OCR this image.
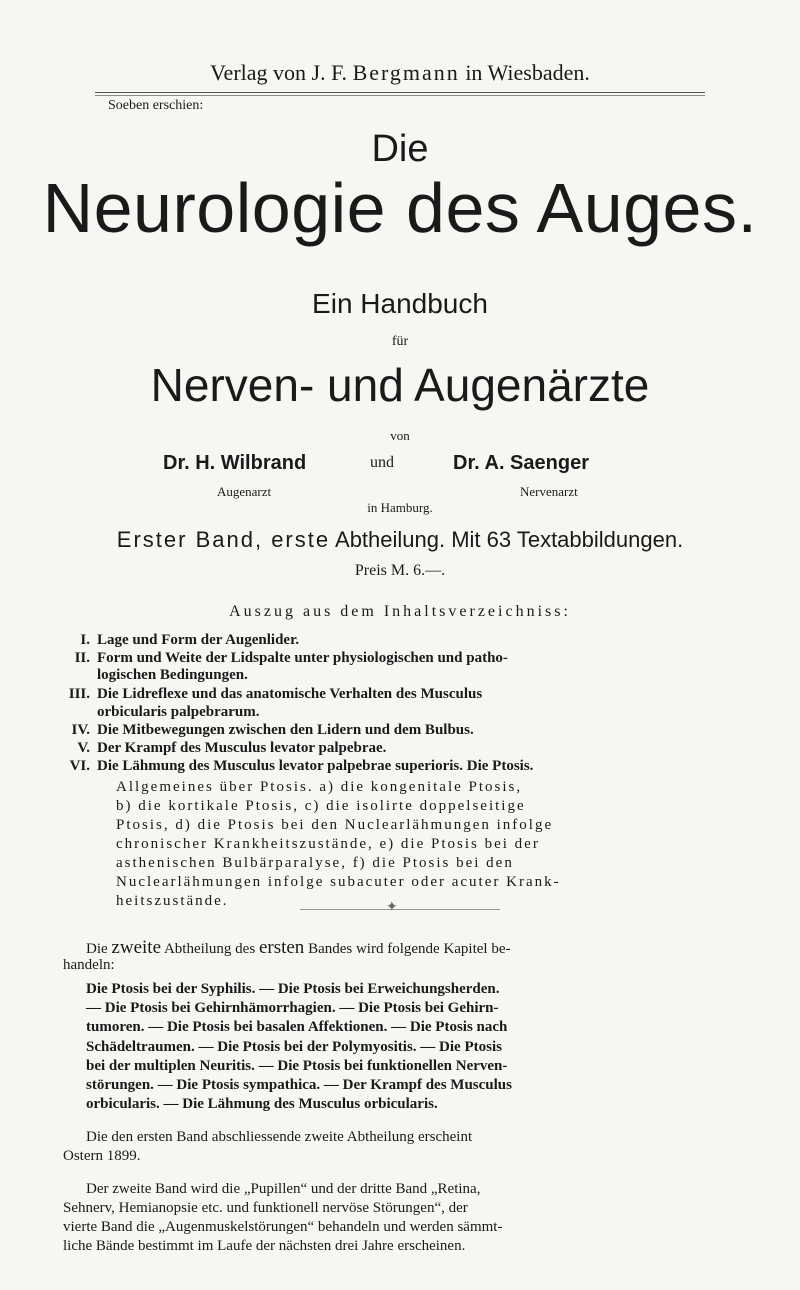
Verlag von J. F. Bergmann in Wiesbaden.
Soeben erschien:
Die
Neurologie des Auges.
Ein Handbuch
für
Nerven- und Augenärzte
von
Dr. H. Wilbrand	und	Dr. A. Saenger
Augenarzt	Nervenarzt
in Hamburg.
Erster Band, erste Abtheilung. Mit 63 Textabbildungen.
Preis M. 6.—.
Auszug aus dem Inhaltsverzeichniss:
I. Lage und Form der Augenlider.
II. Form und Weite der Lidspalte unter physiologischen und patho-
logischen Bedingungen.
III. Die Lidreflexe und das anatomische Verhalten des Musculus
orbicularis palpebrarum.
IV. Die Mitbewegungen zwischen den Lidern und dem Bulbus.
V. Der Krampf des Musculus levator palpebrae.
VI. Die Lähmung des Musculus levator palpebrae superioris. Die Ptosis.
Allgemeines über Ptosis. a) die kongenitale Ptosis,
b) die kortikale Ptosis, c) die isolirte doppelseitige
Ptosis, d) die Ptosis bei den Nuclearlähmungen infolge
chronischer Krankheitszustände, e) die Ptosis bei der
asthenischen Bulbärparalyse, f) die Ptosis bei den
Nuclearlähmungen infolge subacuter oder acuter Krank-
heitszustände.	✦
Die zweite Abtheilung des ersten Bandes wird folgende Kapitel be-
handeln:
Die Ptosis bei der Syphilis. — Die Ptosis bei Erweichungsherden.
— Die Ptosis bei Gehirnhämorrhagien. — Die Ptosis bei Gehirn-
tumoren. — Die Ptosis bei basalen Affektionen. — Die Ptosis nach
Schädeltraumen. — Die Ptosis bei der Polymyositis. — Die Ptosis
bei der multiplen Neuritis. — Die Ptosis bei funktionellen Nerven-
störungen. — Die Ptosis sympathica. — Der Krampf des Musculus
orbicularis. — Die Lähmung des Musculus orbicularis.
Die den ersten Band abschliessende zweite Abtheilung erscheint
Ostern 1899.
Der zweite Band wird die „Pupillen“ und der dritte Band „Retina,
Sehnerv, Hemianopsie etc. und funktionell nervöse Störungen“, der
vierte Band die „Augenmuskelstörungen“ behandeln und werden sämmt-
liche Bände bestimmt im Laufe der nächsten drei Jahre erscheinen.
